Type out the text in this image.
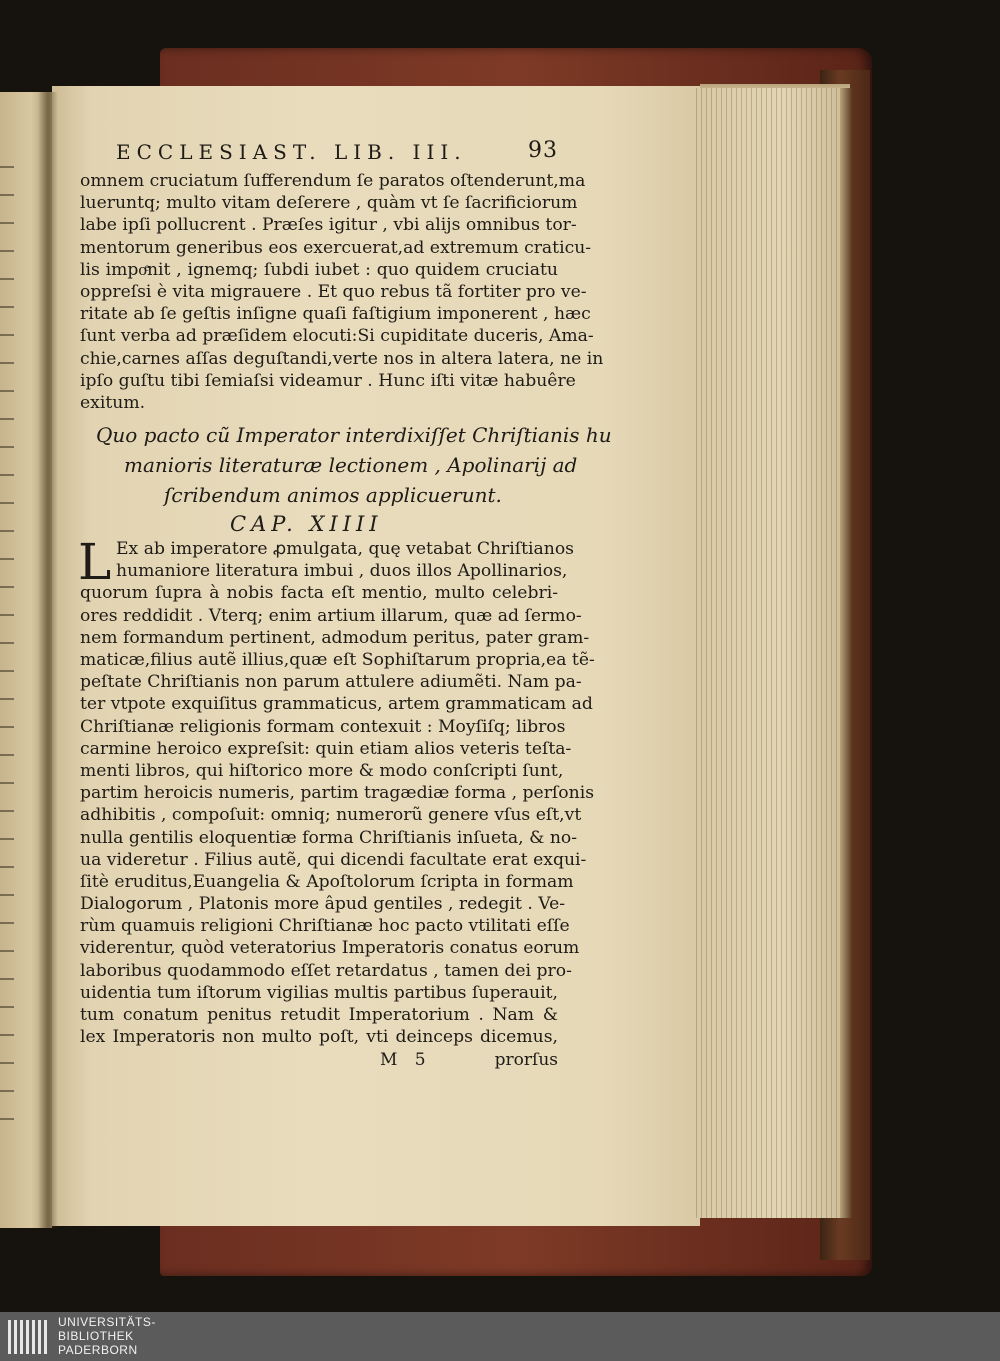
ECCLESIAST. LIB. III.	93
omnem cruciatum ſufferendum ſe paratos oſtenderunt,ma
lueruntq; multo vitam deſerere , quàm vt ſe ſacrificiorum
labe ipſi pollucrent . Præſes igitur , vbi alijs omnibus tor-
mentorum generibus eos exercuerat,ad extremum craticu-
lis impoͤnit , ignemq; ſubdi iubet : quo quidem cruciatu
oppreſsi è vita migrauere . Et quo rebus tã fortiter pro ve-
ritate ab ſe geſtis inſigne quaſi faſtigium imponerent , hæc
ſunt verba ad præſidem elocuti:Si cupiditate duceris, Ama-
chie,carnes aſſas deguſtandi,verte nos in altera latera, ne in
ipſo guſtu tibi ſemiaſsi videamur . Hunc iſti vitæ habuêre
exitum.
Quo pacto cũ Imperator interdixiſſet Chriſtianis hu
manioris literaturæ lectionem , Apolinarij ad
ſcribendum animos applicuerunt.
CAP. XIIII
L Ex ab imperatore ꝓmulgata, quę vetabat Chriſtianos
humaniore literatura imbui , duos illos Apollinarios,
quorum ſupra à nobis facta eſt mentio, multo celebri-
ores reddidit . Vterq; enim artium illarum, quæ ad ſermo-
nem formandum pertinent, admodum peritus, pater gram-
maticæ,filius autẽ illius,quæ eſt Sophiſtarum propria,ea tẽ-
peſtate Chriſtianis non parum attulere adiumẽti. Nam pa-
ter vtpote exquiſitus grammaticus, artem grammaticam ad
Chriſtianæ religionis formam contexuit : Moyſiſq; libros
carmine heroico expreſsit: quin etiam alios veteris teſta-
menti libros, qui hiſtorico more & modo conſcripti ſunt,
partim heroicis numeris, partim tragædiæ forma , perſonis
adhibitis , compoſuit: omniq; numerorũ genere vſus eſt,vt
nulla gentilis eloquentiæ forma Chriſtianis inſueta, & no-
ua videretur . Filius autẽ, qui dicendi facultate erat exqui-
ſitè eruditus,Euangelia & Apoſtolorum ſcripta in formam
Dialogorum , Platonis more âpud gentiles , redegit . Ve-
rùm quamuis religioni Chriſtianæ hoc pacto vtilitati eſſe
viderentur, quòd veteratorius Imperatoris conatus eorum
laboribus quodammodo eſſet retardatus , tamen dei pro-
uidentia tum iſtorum vigilias multis partibus ſuperauit,
tum conatum penitus retudit Imperatorium . Nam &
lex Imperatoris non multo poſt, vti deinceps dicemus,
M 5	prorſus
UNIVERSITÄTS-
BIBLIOTHEK
PADERBORN
